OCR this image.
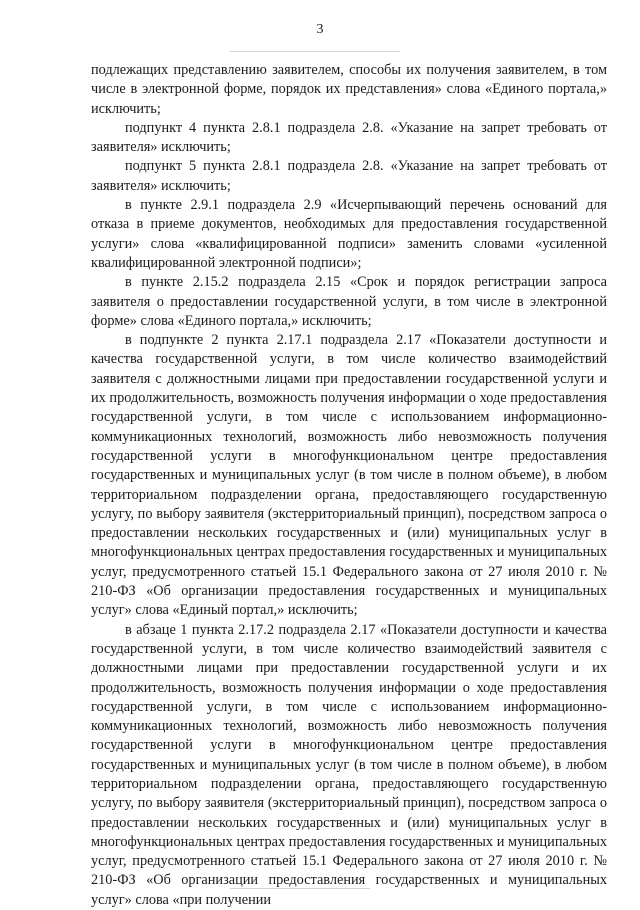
3

подлежащих представлению заявителем, способы их получения заявителем, в том числе в электронной форме, порядок их представления» слова «Единого портала,» исключить;

подпункт 4 пункта 2.8.1 подраздела 2.8. «Указание на запрет требовать от заявителя» исключить;

подпункт 5 пункта 2.8.1 подраздела 2.8. «Указание на запрет требовать от заявителя» исключить;

в пункте 2.9.1 подраздела 2.9 «Исчерпывающий перечень оснований для отказа в приеме документов, необходимых для предоставления государственной услуги» слова «квалифицированной подписи» заменить словами «усиленной квалифицированной электронной подписи»;

в пункте 2.15.2 подраздела 2.15 «Срок и порядок регистрации запроса заявителя о предоставлении государственной услуги, в том числе в электронной форме» слова «Единого портала,» исключить;

в подпункте 2 пункта 2.17.1 подраздела 2.17 «Показатели доступности и качества государственной услуги, в том числе количество взаимодействий заявителя с должностными лицами при предоставлении государственной услуги и их продолжительность, возможность получения информации о ходе предоставления государственной услуги, в том числе с использованием информационно-коммуникационных технологий, возможность либо невозможность получения государственной услуги в многофункциональном центре предоставления государственных и муниципальных услуг (в том числе в полном объеме), в любом территориальном подразделении органа, предоставляющего государственную услугу, по выбору заявителя (экстерриториальный принцип), посредством запроса о предоставлении нескольких государственных и (или) муниципальных услуг в многофункциональных центрах предоставления государственных и муниципальных услуг, предусмотренного статьей 15.1 Федерального закона от 27 июля 2010 г. № 210-ФЗ «Об организации предоставления государственных и муниципальных услуг» слова «Единый портал,» исключить;

в абзаце 1 пункта 2.17.2 подраздела 2.17 «Показатели доступности и качества государственной услуги, в том числе количество взаимодействий заявителя с должностными лицами при предоставлении государственной услуги и их продолжительность, возможность получения информации о ходе предоставления государственной услуги, в том числе с использованием информационно-коммуникационных технологий, возможность либо невозможность получения государственной услуги в многофункциональном центре предоставления государственных и муниципальных услуг (в том числе в полном объеме), в любом территориальном подразделении органа, предоставляющего государственную услугу, по выбору заявителя (экстерриториальный принцип), посредством запроса о предоставлении нескольких государственных и (или) муниципальных услуг в многофункциональных центрах предоставления государственных и муниципальных услуг, предусмотренного статьей 15.1 Федерального закона от 27 июля 2010 г. № 210-ФЗ «Об организации предоставления государственных и муниципальных услуг» слова «при получении
